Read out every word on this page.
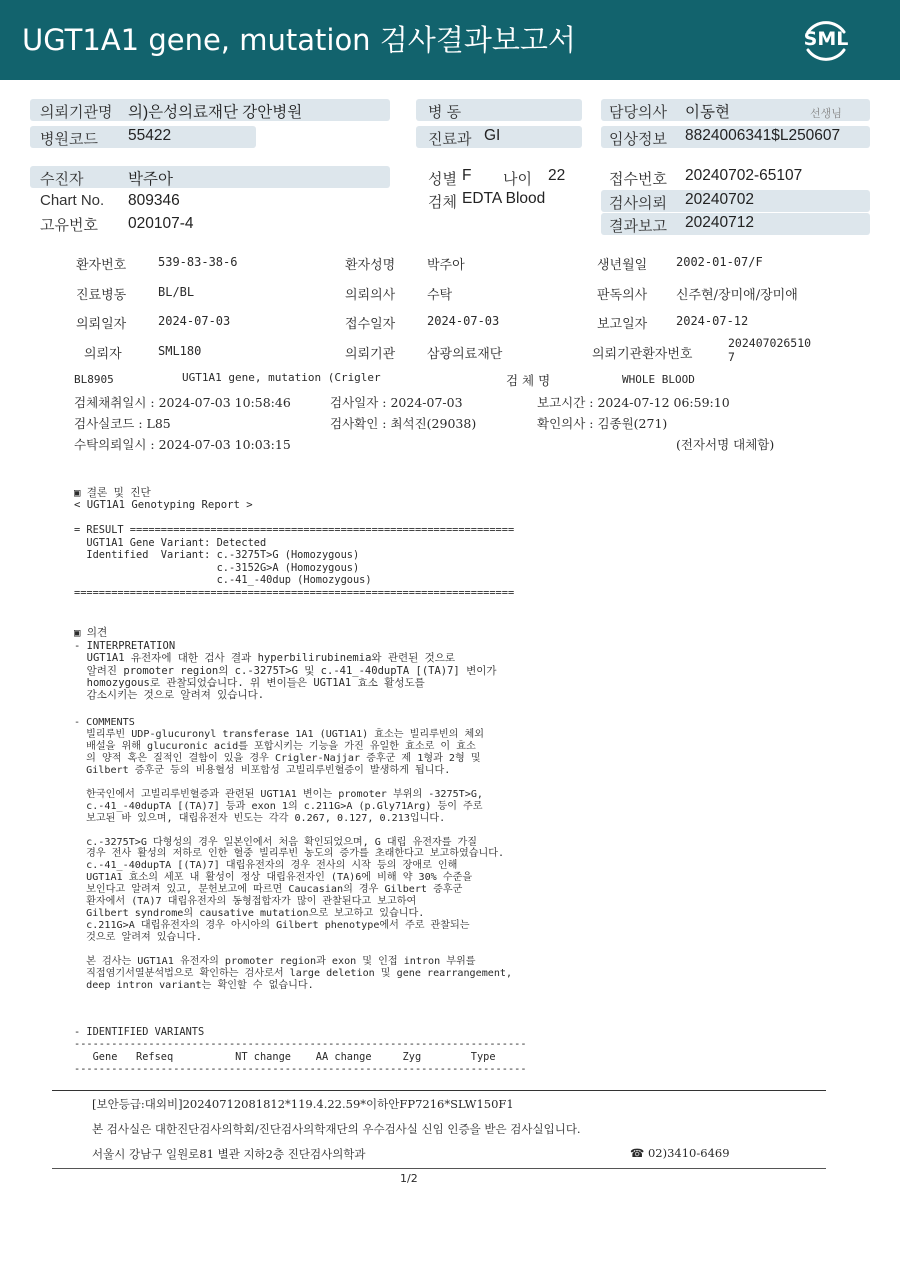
UGT1A1 gene, mutation 검사결과보고서	SML
의뢰기관명 의)은성의료재단 강안병원	병 동	담당의사 이동현	선생님
병원코드 55422	진료과 GI	임상정보 8824006341$L250607
수진자	박주아	성별 F 나이 22	접수번호 20240702-65107
Chart No. 809346	검체 EDTA Blood	검사의뢰 20240702
고유번호 020107-4	결과보고 20240712
환자번호	539-83-38-6	환자성명 박주아	생년월일 2002-01-07/F
진료병동	BL/BL	의뢰의사 수탁	판독의사 신주현/장미애/장미애
의뢰일자	2024-07-03	접수일자	2024-07-03	보고일자 2024-07-12
의뢰자	SML180	의뢰기관 삼광의료재단	의뢰기관환자번호
202407026510
7
BL8905	UGT1A1 gene, mutation (Crigler	검 체 명	WHOLE BLOOD
검체채취일시 : 2024-07-03 10:58:46	검사일자 : 2024-07-03	보고시간 : 2024-07-12 06:59:10
검사실코드 : L85	검사확인 : 최석진(29038)	확인의사 : 김종원(271)
수탁의뢰일시 : 2024-07-03 10:03:15	(전자서명 대체함)
▣ 결론 및 진단
< UGT1A1 Genotyping Report >
= RESULT ==============================================================
UGT1A1 Gene Variant: Detected
Identified  Variant: c.-3275T>G (Homozygous)
c.-3152G>A (Homozygous)
c.-41_-40dup (Homozygous)
=======================================================================
▣ 의견
- INTERPRETATION
UGT1A1 유전자에 대한 검사 결과 hyperbilirubinemia와 관련된 것으로
알려진 promoter region의 c.-3275T>G 및 c.-41_-40dupTA [(TA)7] 변이가
homozygous로 관찰되었습니다. 위 변이들은 UGT1A1 효소 활성도를
감소시키는 것으로 알려져 있습니다.
- COMMENTS
빌리루빈 UDP-glucuronyl transferase 1A1 (UGT1A1) 효소는 빌리루빈의 체외
배설을 위해 glucuronic acid를 포합시키는 기능을 가진 유일한 효소로 이 효소
의 양적 혹은 질적인 결함이 있을 경우 Crigler-Najjar 증후군 제 1형과 2형 및
Gilbert 증후군 등의 비용혈성 비포합성 고빌리루빈혈증이 발생하게 됩니다.

한국인에서 고빌리루빈혈증과 관련된 UGT1A1 변이는 promoter 부위의 -3275T>G,
c.-41_-40dupTA [(TA)7] 등과 exon 1의 c.211G>A (p.Gly71Arg) 등이 주로
보고된 바 있으며, 대립유전자 빈도는 각각 0.267, 0.127, 0.213입니다.

c.-3275T>G 다형성의 경우 일본인에서 처음 확인되었으며, G 대립 유전자를 가질
경우 전사 활성의 저하로 인한 혈중 빌리루빈 농도의 증가를 초래한다고 보고하였습니다.
c.-41_-40dupTA [(TA)7] 대립유전자의 경우 전사의 시작 등의 장애로 인해
UGT1A1 효소의 세포 내 활성이 정상 대립유전자인 (TA)6에 비해 약 30% 수준을
보인다고 알려져 있고, 문헌보고에 따르면 Caucasian의 경우 Gilbert 증후군
환자에서 (TA)7 대립유전자의 동형접합자가 많이 관찰된다고 보고하여
Gilbert syndrome의 causative mutation으로 보고하고 있습니다.
c.211G>A 대립유전자의 경우 아시아의 Gilbert phenotype에서 주로 관찰되는
것으로 알려져 있습니다.

본 검사는 UGT1A1 유전자의 promoter region과 exon 및 인접 intron 부위를
직접염기서열분석법으로 확인하는 검사로서 large deletion 및 gene rearrangement,
deep intron variant는 확인할 수 없습니다.
- IDENTIFIED VARIANTS
-------------------------------------------------------------------------
Gene   Refseq          NT change    AA change     Zyg        Type
-------------------------------------------------------------------------
[보안등급:대외비]20240712081812*119.4.22.59*이하안FP7216*SLW150F1
본 검사실은 대한진단검사의학회/진단검사의학재단의 우수검사실 신임 인증을 받은 검사실입니다.
서울시 강남구 일원로81 별관 지하2층 진단검사의학과	☎ 02)3410-6469
1/2
